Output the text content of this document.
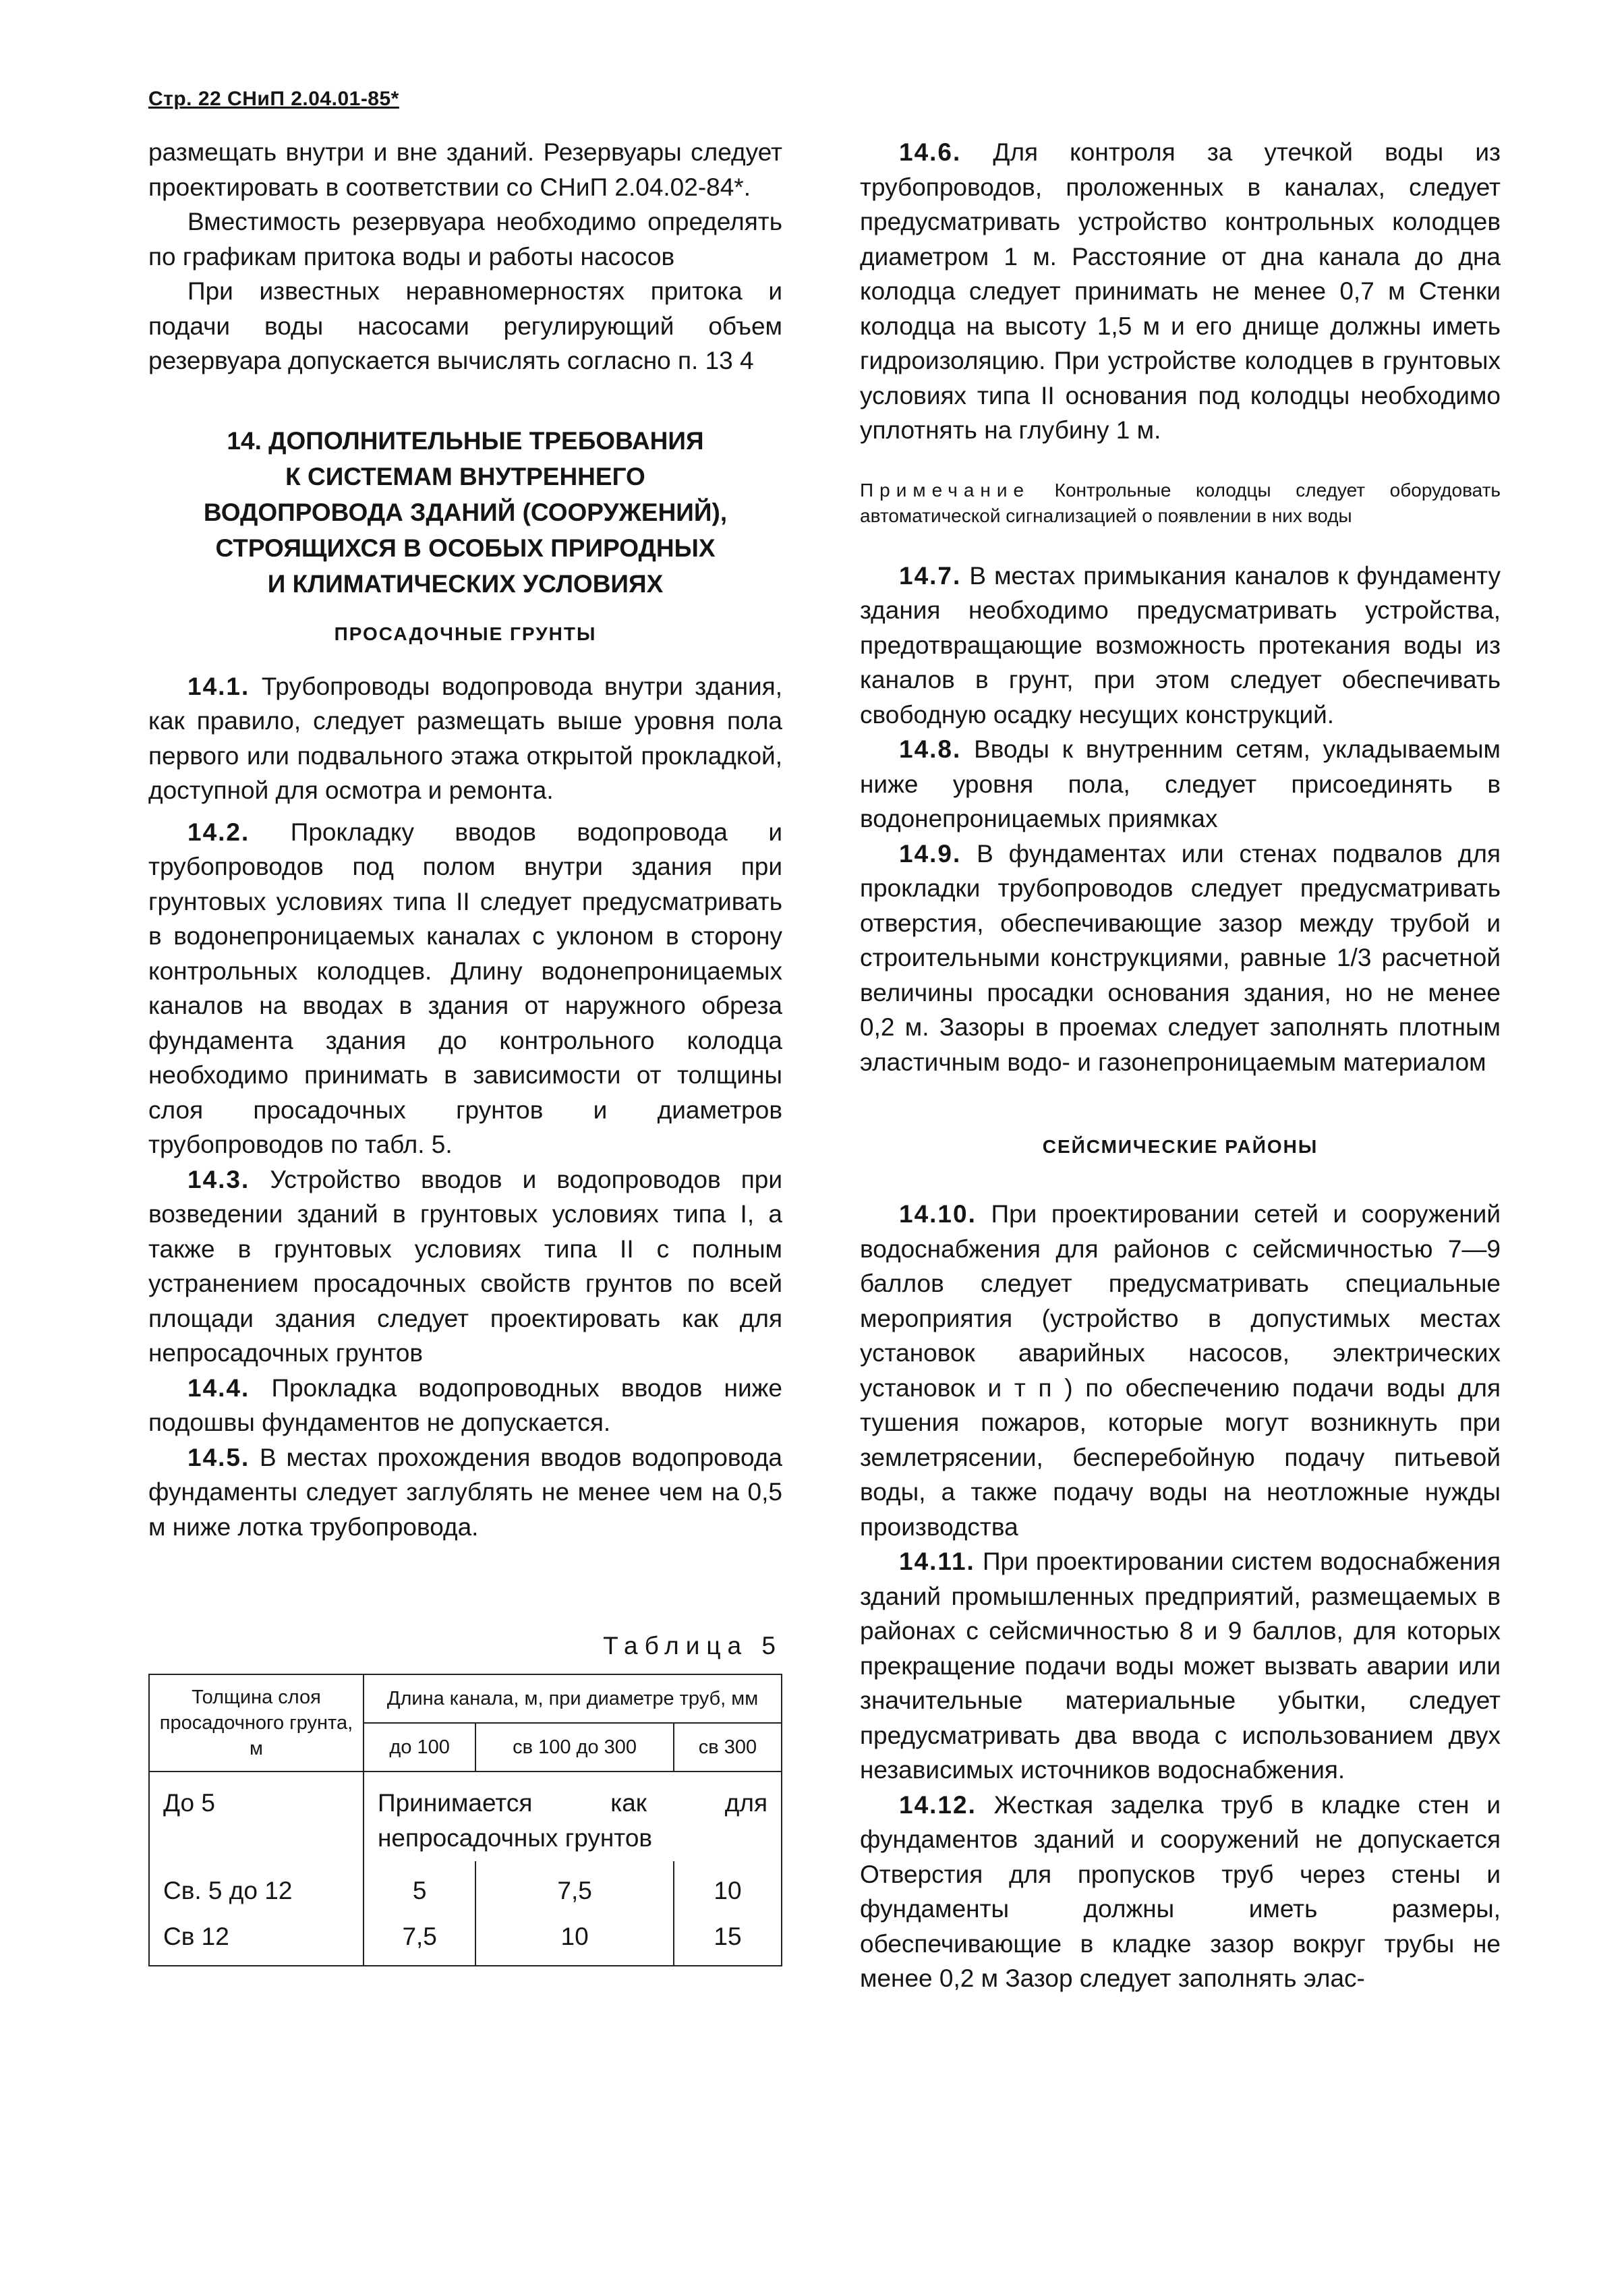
Стр. 22 СНиП 2.04.01-85*

размещать внутри и вне зданий. Резервуары следует проектировать в соответствии со СНиП 2.04.02-84*.

Вместимость резервуара необходимо определять по графикам притока воды и работы насосов

При известных неравномерностях притока и подачи воды насосами регулирующий объем резервуара допускается вычислять согласно п. 13 4

14. ДОПОЛНИТЕЛЬНЫЕ ТРЕБОВАНИЯ
К СИСТЕМАМ ВНУТРЕННЕГО
ВОДОПРОВОДА ЗДАНИЙ (СООРУЖЕНИЙ),
СТРОЯЩИХСЯ В ОСОБЫХ ПРИРОДНЫХ
И КЛИМАТИЧЕСКИХ УСЛОВИЯХ
ПРОСАДОЧНЫЕ ГРУНТЫ

14.1. Трубопроводы водопровода внутри здания, как правило, следует размещать выше уровня пола первого или подвального этажа открытой прокладкой, доступной для осмотра и ремонта.

14.2. Прокладку вводов водопровода и трубопроводов под полом внутри здания при грунтовых условиях типа II следует предусматривать в водонепроницаемых каналах с уклоном в сторону контрольных колодцев. Длину водонепроницаемых каналов на вводах в здания от наружного обреза фундамента здания до контрольного колодца необходимо принимать в зависимости от толщины слоя просадочных грунтов и диаметров трубопроводов по табл. 5.

14.3. Устройство вводов и водопроводов при возведении зданий в грунтовых условиях типа I, а также в грунтовых условиях типа II с полным устранением просадочных свойств грунтов по всей площади здания следует проектировать как для непросадочных грунтов

14.4. Прокладка водопроводных вводов ниже подошвы фундаментов не допускается.

14.5. В местах прохождения вводов водопровода фундаменты следует заглублять не менее чем на 0,5 м ниже лотка трубопровода.

Таблица 5
Толщина слоя просадочного грунта, м	Длина канала, м, при диаметре труб, мм		
	до 100	св 100 до 300	св 300
До 5	Принимается как для непросадочных грунтов		
Св. 5 до 12	5	7,5	10
Св 12	7,5	10	15

14.6. Для контроля за утечкой воды из трубопроводов, проложенных в каналах, следует предусматривать устройство контрольных колодцев диаметром 1 м. Расстояние от дна канала до дна колодца следует принимать не менее 0,7 м Стенки колодца на высоту 1,5 м и его днище должны иметь гидроизоляцию. При устройстве колодцев в грунтовых условиях типа II основания под колодцы необходимо уплотнять на глубину 1 м.

Примечание Контрольные колодцы следует оборудовать автоматической сигнализацией о появлении в них воды

14.7. В местах примыкания каналов к фундаменту здания необходимо предусматривать устройства, предотвращающие возможность протекания воды из каналов в грунт, при этом следует обеспечивать свободную осадку несущих конструкций.

14.8. Вводы к внутренним сетям, укладываемым ниже уровня пола, следует присоединять в водонепроницаемых приямках

14.9. В фундаментах или стенах подвалов для прокладки трубопроводов следует предусматривать отверстия, обеспечивающие зазор между трубой и строительными конструкциями, равные 1/3 расчетной величины просадки основания здания, но не менее 0,2 м. Зазоры в проемах следует заполнять плотным эластичным водо- и газонепроницаемым материалом

СЕЙСМИЧЕСКИЕ РАЙОНЫ

14.10. При проектировании сетей и сооружений водоснабжения для районов с сейсмичностью 7—9 баллов следует предусматривать специальные мероприятия (устройство в допустимых местах установок аварийных насосов, электрических установок и т п ) по обеспечению подачи воды для тушения пожаров, которые могут возникнуть при землетрясении, бесперебойную подачу питьевой воды, а также подачу воды на неотложные нужды производства

14.11. При проектировании систем водоснабжения зданий промышленных предприятий, размещаемых в районах с сейсмичностью 8 и 9 баллов, для которых прекращение подачи воды может вызвать аварии или значительные материальные убытки, следует предусматривать два ввода с использованием двух независимых источников водоснабжения.

14.12. Жесткая заделка труб в кладке стен и фундаментов зданий и сооружений не допускается Отверстия для пропусков труб через стены и фундаменты должны иметь размеры, обеспечивающие в кладке зазор вокруг трубы не менее 0,2 м Зазор следует заполнять элас-
